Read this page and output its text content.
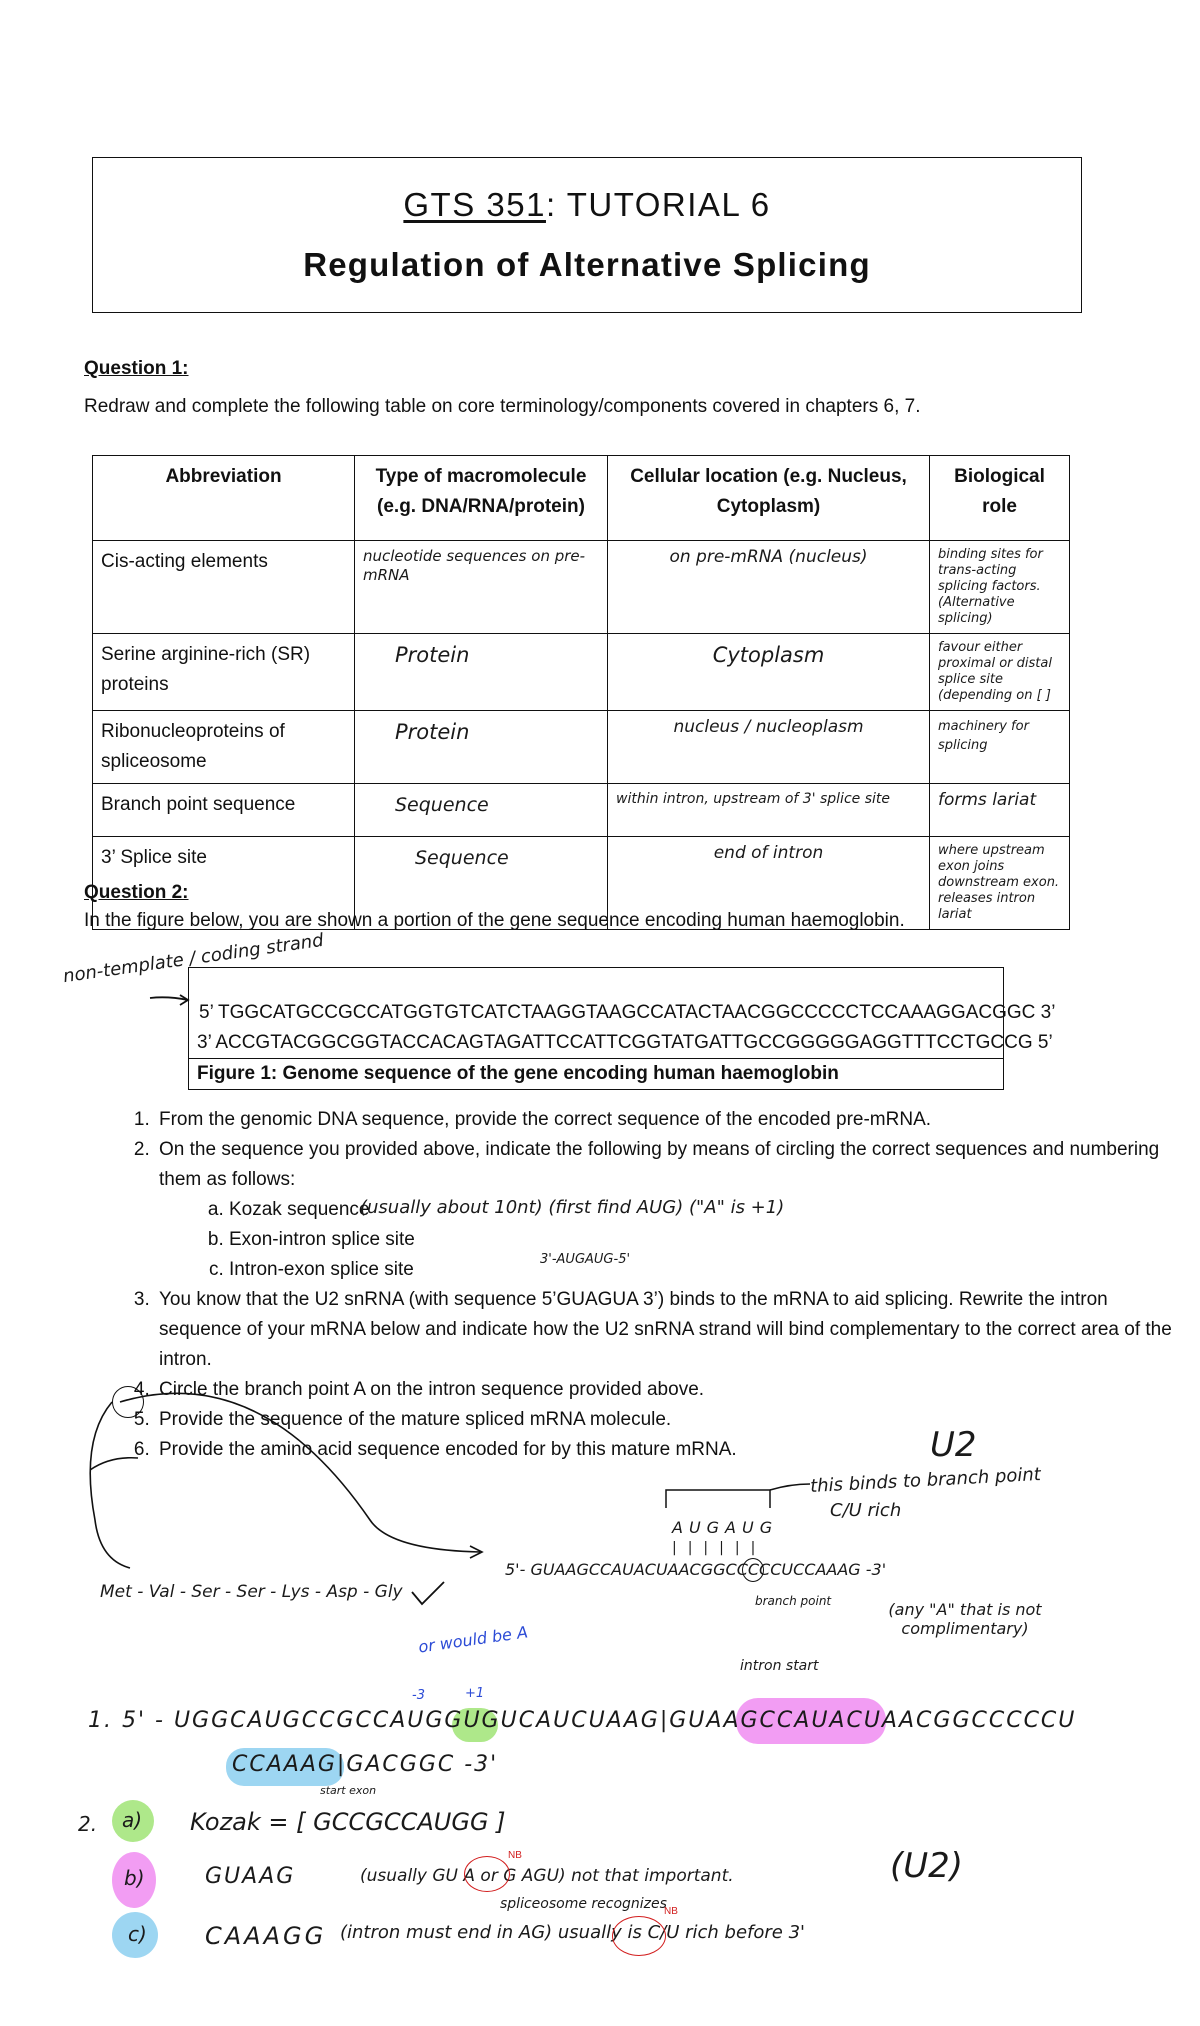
GTS 351: TUTORIAL 6
Regulation of Alternative Splicing
Question 1:
Redraw and complete the following table on core terminology/components covered in chapters 6, 7.
Abbreviation	Type of macromolecule (e.g. DNA/RNA/protein)	Cellular location (e.g. Nucleus, Cytoplasm)	Biological role
Cis-acting elements	nucleotide sequences on pre-mRNA	on pre-mRNA (nucleus)	binding sites for trans-acting splicing factors. (Alternative splicing)
Serine arginine-rich (SR) proteins	Protein	Cytoplasm	favour either proximal or distal splice site (depending on [ ]
Ribonucleoproteins of spliceosome	Protein	nucleus / nucleoplasm	machinery for splicing
Branch point sequence	Sequence	within intron, upstream of 3' splice site	forms lariat
3’ Splice site	Sequence	end of intron	where upstream exon joins downstream exon. releases intron lariat
Question 2:
In the figure below, you are shown a portion of the gene sequence encoding human haemoglobin.
non-template / coding strand
5’ TGGCATGCCGCCATGGTGTCATCTAAGGTAAGCCATACTAACGGCCCCCTCCAAAGGACGGC 3’
3’ ACCGTACGGCGGTACCACAGTAGATTCCATTCGGTATGATTGCCGGGGGAGGTTTCCTGCCG 5’
Figure 1: Genome sequence of the gene encoding human haemoglobin
1. From the genomic DNA sequence, provide the correct sequence of the encoded pre-mRNA.
2. On the sequence you provided above, indicate the following by means of circling the correct sequences and numbering them as follows:
a. Kozak sequence
b. Exon-intron splice site
c. Intron-exon splice site
3. You know that the U2 snRNA (with sequence 5’GUAGUA 3’) binds to the mRNA to aid splicing. Rewrite the intron sequence of your mRNA below and indicate how the U2 snRNA strand will bind complementary to the correct area of the intron.
4. Circle the branch point A on the intron sequence provided above.
5. Provide the sequence of the mature spliced mRNA molecule.
6. Provide the amino acid sequence encoded for by this mature mRNA.
(usually about 10nt) (first find AUG) ("A" is +1)
3'-AUGAUG-5'
U2
this binds to branch point
C/U rich
AUGAUG
||||||
5'- GUAAGCCAUACUAACGGCCCCCUCCAAAG -3'
branch point	(any "A" that is not complimentary)
Met - Val - Ser - Ser - Lys - Asp - Gly
or would be A
-3	+1
intron start
1. 5' - UGGCAUGCCGCCAUGGUGUCAUCUAAG|GUAAGCCAUACUAACGGCCCCCU
CCAAAG|GACGGC -3'
start exon
2. a) Kozak = [ GCCGCCAUGG ]
b)	GUAAG	(usually GU A or G AGU) not that important.
NB
spliceosome recognizes
(U2)
c) CAAAGG (intron must end in AG) usually is C/U rich before 3'
NB
